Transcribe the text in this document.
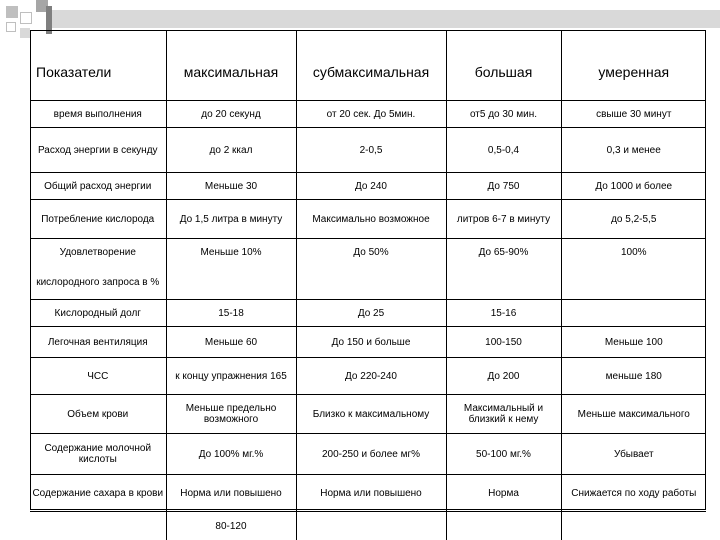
Показатели	максимальная	субмаксимальная	большая	умеренная
время выполнения	до 20 секунд	от 20 сек. До 5мин.	от5 до 30 мин.	свыше 30 минут
Расход энергии в секунду	до 2 ккал	2-0,5	0,5-0,4	0,3 и менее
Общий расход энергии	Меньше 30	До 240	До 750	До 1000 и более
Потребление кислорода	До 1,5 литра в минуту	Максимально возможное	литров 6-7 в минуту	до 5,2-5,5
Удовлетворение	Меньше 10%	До 50%	До 65-90%	100%
кислородного запроса в %				
Кислородный долг	15-18	До 25	15-16	
Легочная вентиляция	Меньше 60	До 150 и больше	100-150	Меньше 100
ЧСС	к концу упражнения 165	До 220-240	До 200	меньше 180
Объем крови	Меньше предельно возможного	Близко к максимальному	Максимальный и близкий к нему	Меньше максимального
Содержание молочной кислоты	До 100% мг.%	200-250 и более мг%	50-100 мг.%	Убывает
Содержание сахара в крови	Норма или повышено	Норма или повышено	Норма	Снижается по ходу работы
	80-120			
